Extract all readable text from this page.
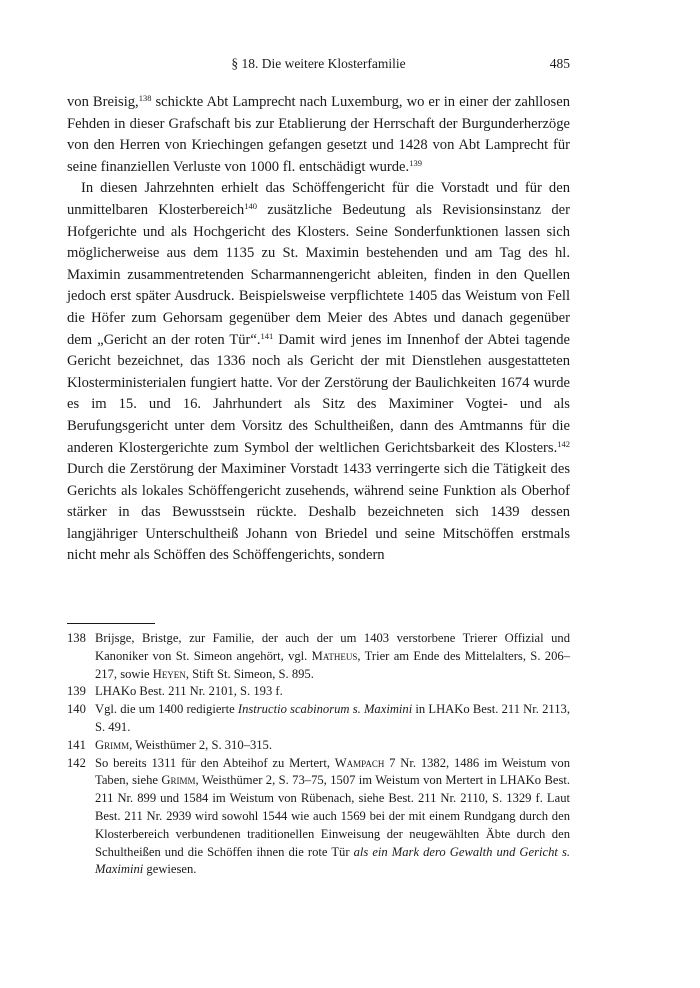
§ 18. Die weitere Klosterfamilie	485

von Breisig,$^{138}$ schickte Abt Lamprecht nach Luxemburg, wo er in einer der zahllosen Fehden in dieser Grafschaft bis zur Etablierung der Herrschaft der Burgunderherzöge von den Herren von Kriechingen gefangen gesetzt und 1428 von Abt Lamprecht für seine finanziellen Verluste von 1000 fl. entschädigt wurde.$^{139}$

In diesen Jahrzehnten erhielt das Schöffengericht für die Vorstadt und für den unmittelbaren Klosterbereich$^{140}$ zusätzliche Bedeutung als Revisionsinstanz der Hofgerichte und als Hochgericht des Klosters. Seine Sonderfunktionen lassen sich möglicherweise aus dem 1135 zu St. Maximin bestehenden und am Tag des hl. Maximin zusammentretenden Scharmannengericht ableiten, finden in den Quellen jedoch erst später Ausdruck. Beispielsweise verpflichtete 1405 das Weistum von Fell die Höfer zum Gehorsam gegenüber dem Meier des Abtes und danach gegenüber dem „Gericht an der roten Tür“.$^{141}$ Damit wird jenes im Innenhof der Abtei tagende Gericht bezeichnet, das 1336 noch als Gericht der mit Dienstlehen ausgestatteten Klosterministerialen fungiert hatte. Vor der Zerstörung der Baulichkeiten 1674 wurde es im 15. und 16. Jahrhundert als Sitz des Maximiner Vogtei- und als Berufungsgericht unter dem Vorsitz des Schultheißen, dann des Amtmanns für die anderen Klostergerichte zum Symbol der weltlichen Gerichtsbarkeit des Klosters.$^{142}$ Durch die Zerstörung der Maximiner Vorstadt 1433 verringerte sich die Tätigkeit des Gerichts als lokales Schöffengericht zusehends, während seine Funktion als Oberhof stärker in das Bewusstsein rückte. Deshalb bezeichneten sich 1439 dessen langjähriger Unterschultheiß Johann von Briedel und seine Mitschöffen erstmals nicht mehr als Schöffen des Schöffengerichts, sondern

138 Brijsge, Bristge, zur Familie, der auch der um 1403 verstorbene Trierer Offizial und Kanoniker von St. Simeon angehört, vgl. Matheus, Trier am Ende des Mittelalters, S. 206–217, sowie Heyen, Stift St. Simeon, S. 895.
139 LHAKo Best. 211 Nr. 2101, S. 193 f.
140 Vgl. die um 1400 redigierte Instructio scabinorum s. Maximini in LHAKo Best. 211 Nr. 2113, S. 491.
141 Grimm, Weisthümer 2, S. 310–315.
142 So bereits 1311 für den Abteihof zu Mertert, Wampach 7 Nr. 1382, 1486 im Weistum von Taben, siehe Grimm, Weisthümer 2, S. 73–75, 1507 im Weistum von Mertert in LHAKo Best. 211 Nr. 899 und 1584 im Weistum von Rübenach, siehe Best. 211 Nr. 2110, S. 1329 f. Laut Best. 211 Nr. 2939 wird sowohl 1544 wie auch 1569 bei der mit einem Rundgang durch den Klosterbereich verbundenen traditionellen Einweisung der neugewählten Äbte durch den Schultheißen und die Schöffen ihnen die rote Tür als ein Mark dero Gewalth und Gericht s. Maximini gewiesen.
